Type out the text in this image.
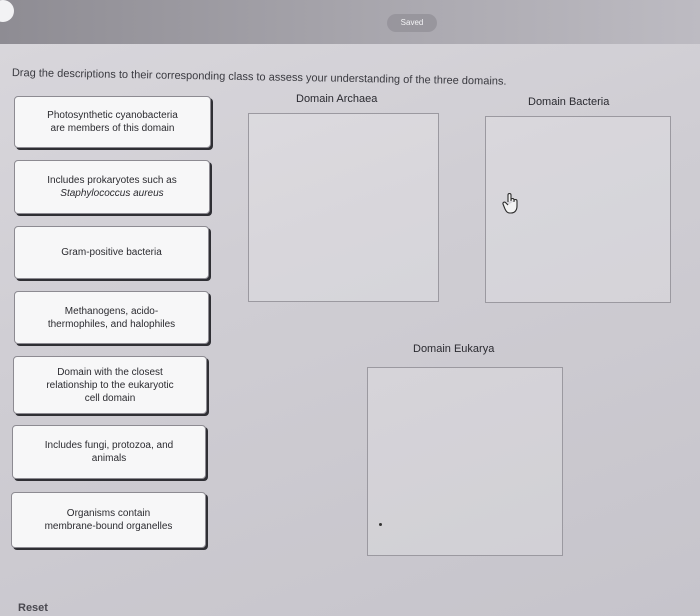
Saved
Drag the descriptions to their corresponding class to assess your understanding of the three domains.
Photosynthetic cyanobacteria
are members of this domain
Includes prokaryotes such as
Staphylococcus aureus
Gram-positive bacteria
Methanogens, acido-
thermophiles, and halophiles
Domain with the closest
relationship to the eukaryotic
cell domain
Includes fungi, protozoa, and
animals
Organisms contain
membrane-bound organelles
Domain Archaea	Domain Bacteria
Domain Eukarya
Reset
